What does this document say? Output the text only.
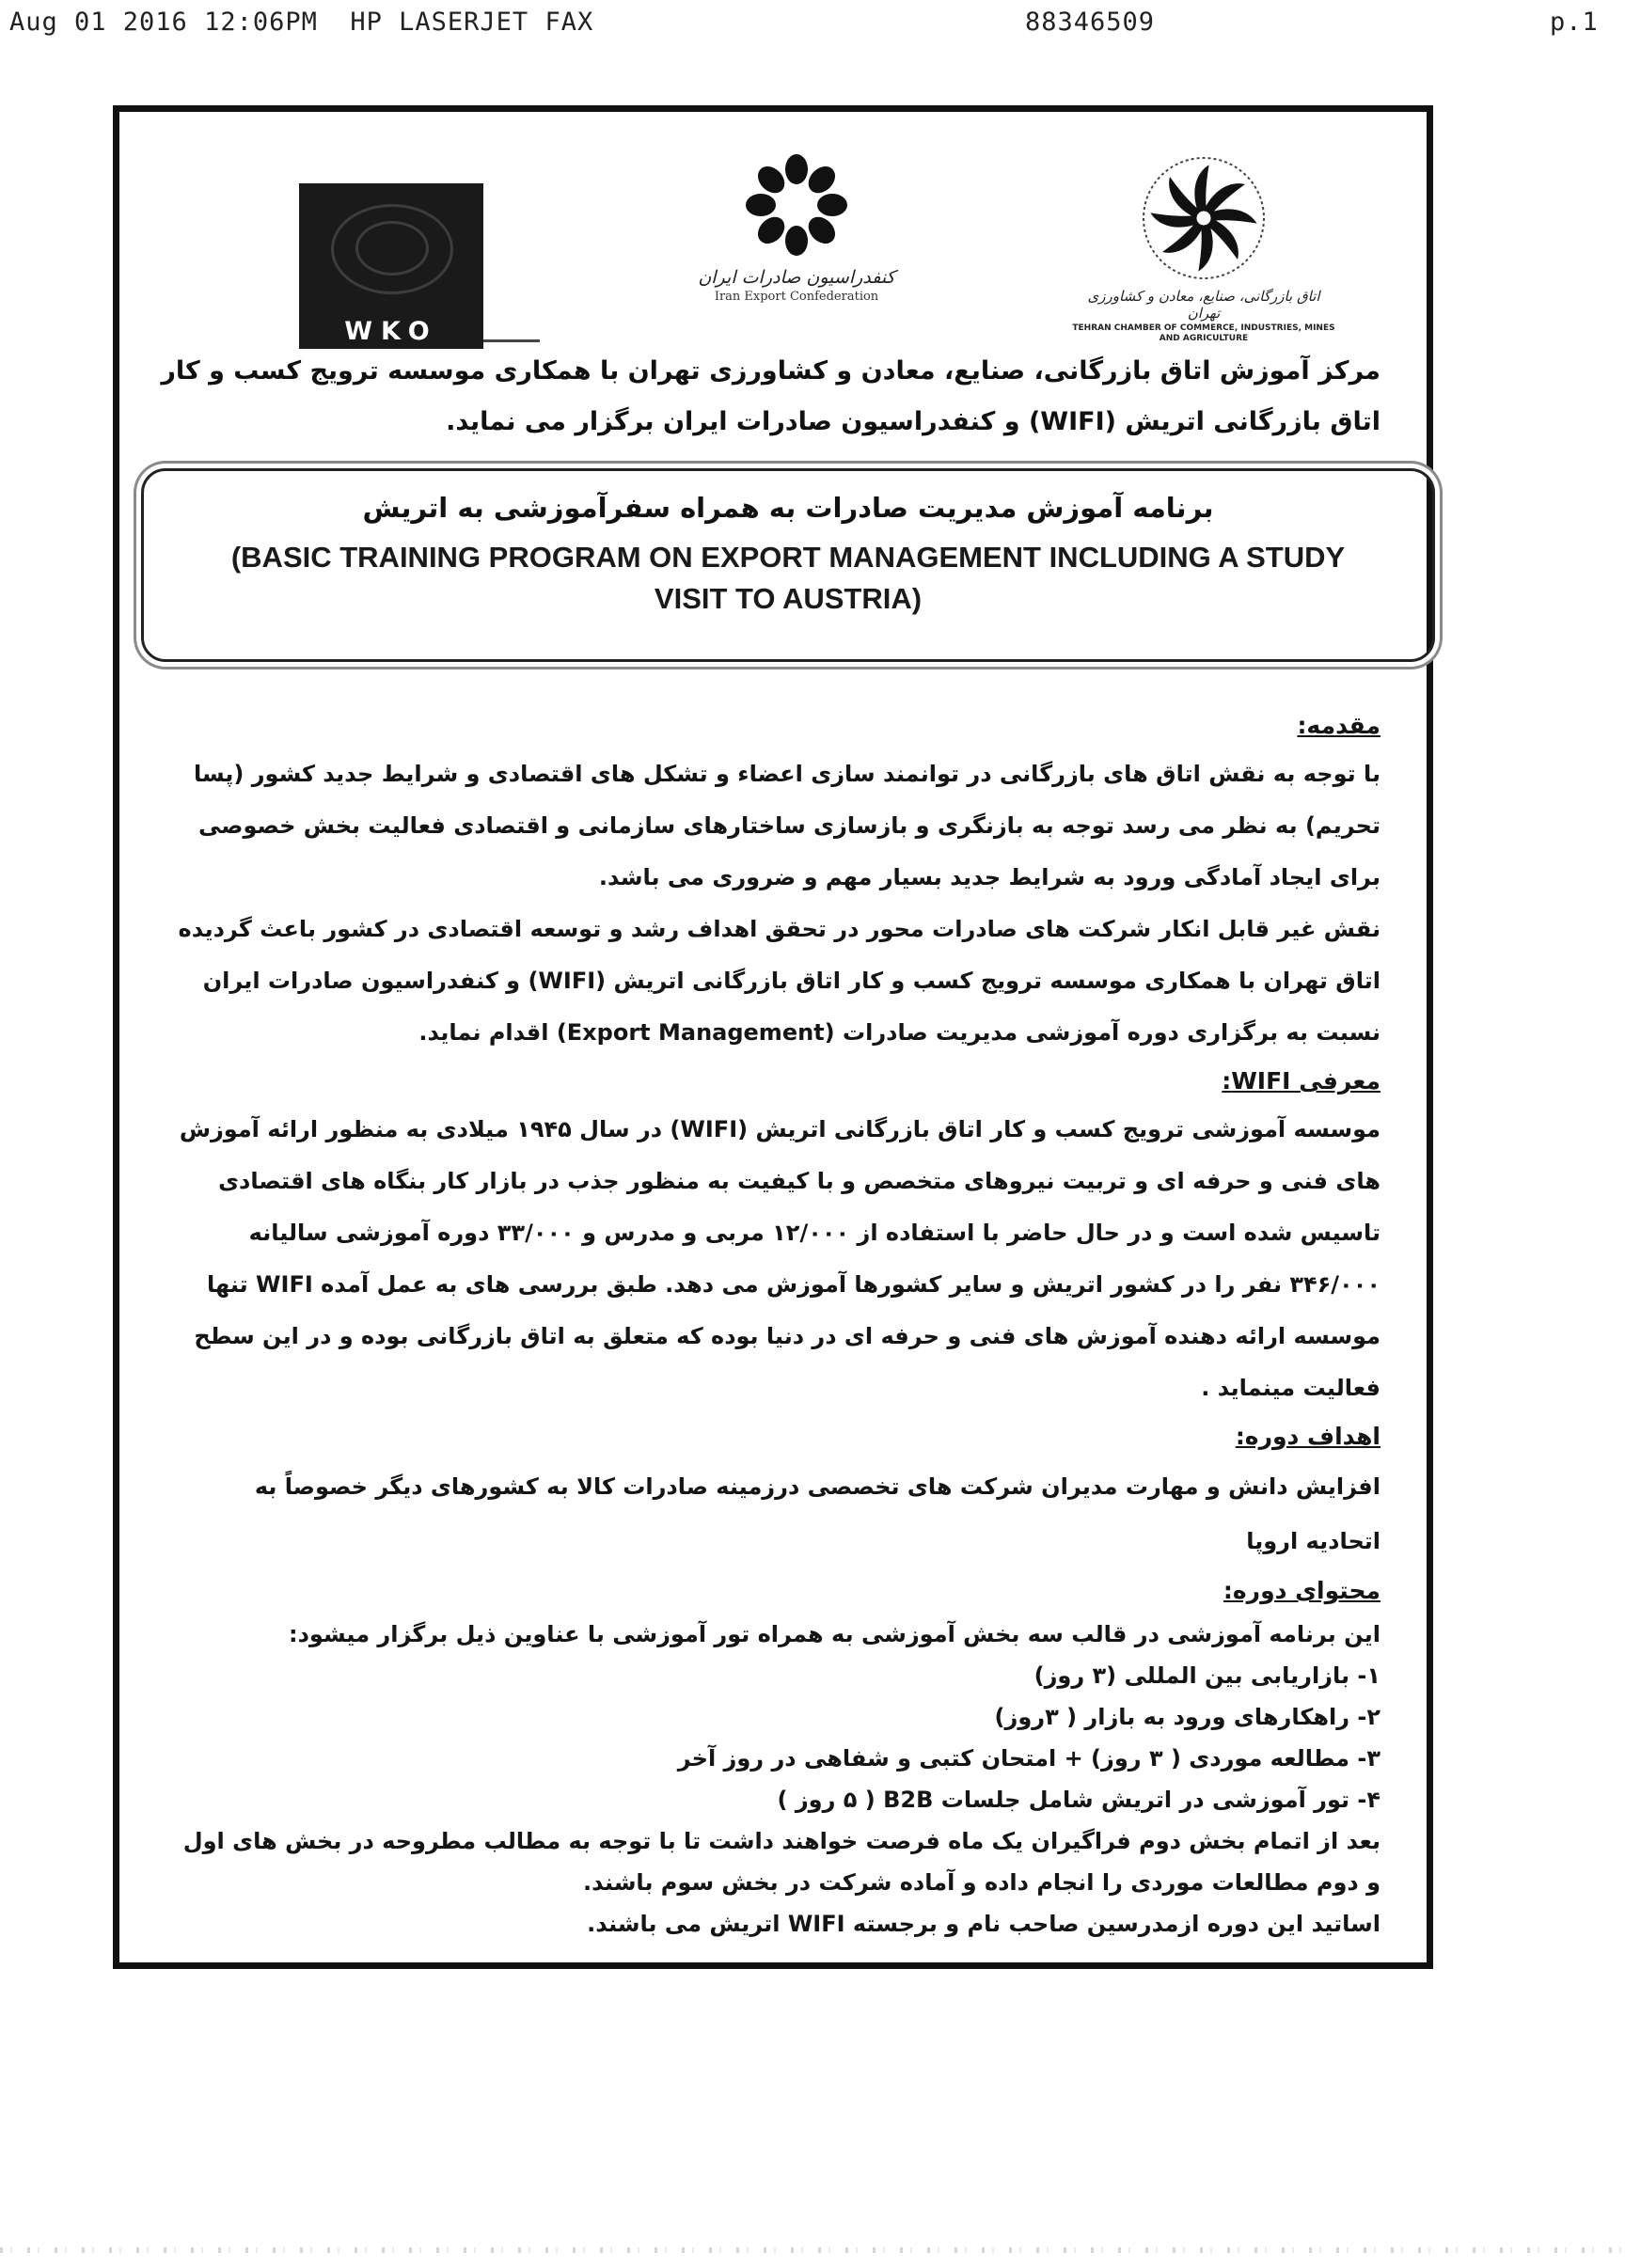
Aug 01 2016 12:06PM HP LASERJET FAX	88346509	p.1
WKO
کنفدراسیون صادرات ایران
Iran Export Confederation	اتاق بازرگانی، صنایع، معادن و کشاورزی تهران
TEHRAN CHAMBER OF COMMERCE, INDUSTRIES, MINES AND AGRICULTURE
مرکز آموزش اتاق بازرگانی، صنایع، معادن و کشاورزی تهران با همکاری موسسه ترویج کسب و کار اتاق بازرگانی اتریش (WIFI) و کنفدراسیون صادرات ایران برگزار می نماید.
برنامه آموزش مدیریت صادرات به همراه سفرآموزشی به اتریش
(BASIC TRAINING PROGRAM ON EXPORT MANAGEMENT INCLUDING A STUDY VISIT TO AUSTRIA)
مقدمه:

با توجه به نقش اتاق های بازرگانی در توانمند سازی اعضاء و تشکل های اقتصادی و شرایط جدید کشور (پسا تحریم) به نظر می رسد توجه به بازنگری و بازسازی ساختارهای سازمانی و اقتصادی فعالیت بخش خصوصی برای ایجاد آمادگی ورود به شرایط جدید بسیار مهم و ضروری می باشد.

نقش غیر قابل انکار شرکت های صادرات محور در تحقق اهداف رشد و توسعه اقتصادی در کشور باعث گردیده اتاق تهران با همکاری موسسه ترویج کسب و کار اتاق بازرگانی اتریش (WIFI) و کنفدراسیون صادرات ایران نسبت به برگزاری دوره آموزشی مدیریت صادرات (Export Management) اقدام نماید.

معرفی WIFI:

موسسه آموزشی ترویج کسب و کار اتاق بازرگانی اتریش (WIFI) در سال ۱۹۴۵ میلادی به منظور ارائه آموزش های فنی و حرفه ای و تربیت نیروهای متخصص و با کیفیت به منظور جذب در بازار کار بنگاه های اقتصادی تاسیس شده است و در حال حاضر با استفاده از ۱۲/۰۰۰ مربی و مدرس و ۳۳/۰۰۰ دوره آموزشی سالیانه ۳۴۶/۰۰۰ نفر را در کشور اتریش و سایر کشورها آموزش می دهد. طبق بررسی های به عمل آمده WIFI تنها موسسه ارائه دهنده آموزش های فنی و حرفه ای در دنیا بوده که متعلق به اتاق بازرگانی بوده و در این سطح فعالیت مینماید .

اهداف دوره:

افزایش دانش و مهارت مدیران شرکت های تخصصی درزمینه صادرات کالا به کشورهای دیگر خصوصاً به اتحادیه اروپا

محتوای دوره:

این برنامه آموزشی در قالب سه بخش آموزشی به همراه تور آموزشی با عناوین ذیل برگزار میشود:

۱- بازاریابی بین المللی (۳ روز)
۲- راهکارهای ورود به بازار ( ۳روز)
۳- مطالعه موردی ( ۳ روز) + امتحان کتبی و شفاهی در روز آخر
۴- تور آموزشی در اتریش شامل جلسات B2B ( ۵ روز )

بعد از اتمام بخش دوم فراگیران یک ماه فرصت خواهند داشت تا با توجه به مطالب مطروحه در بخش های اول و دوم مطالعات موردی را انجام داده و آماده شرکت در بخش سوم باشند.

اساتید این دوره ازمدرسین صاحب نام و برجسته WIFI اتریش می باشند.
